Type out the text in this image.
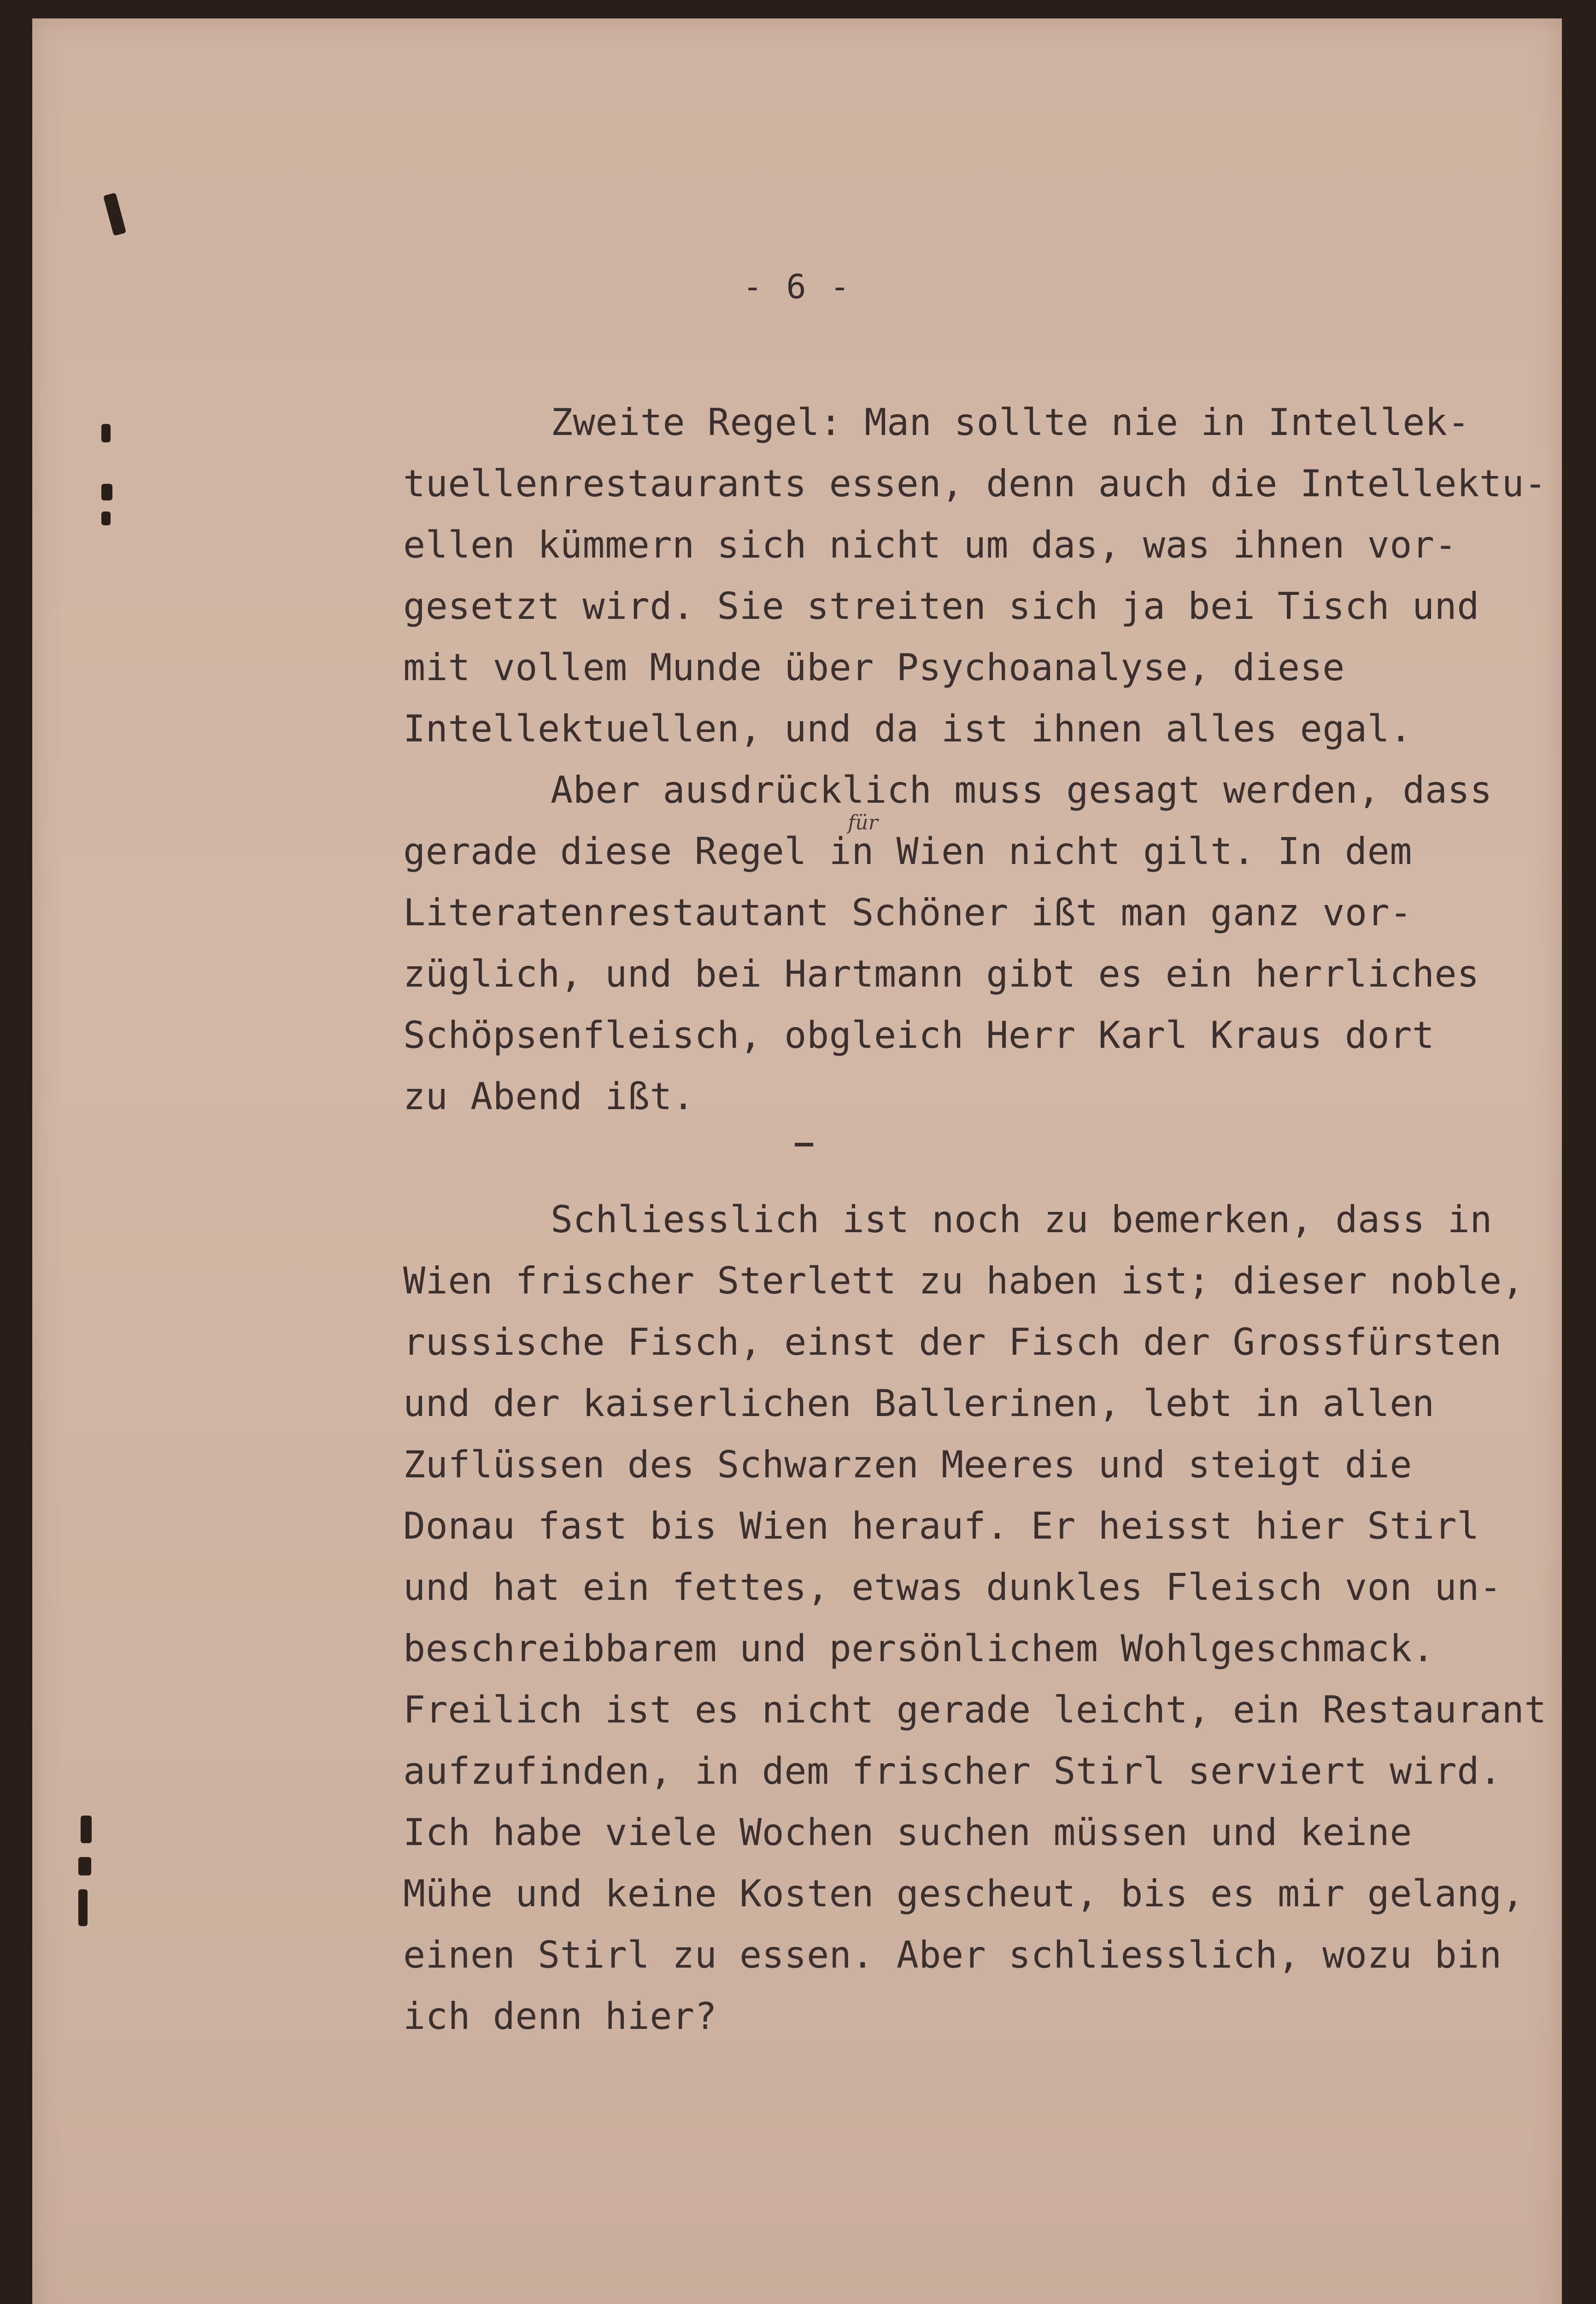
- 6 -
Zweite Regel: Man sollte nie in Intellek-
tuellenrestaurants essen, denn auch die Intellektu-
ellen kümmern sich nicht um das, was ihnen vor-
gesetzt wird. Sie streiten sich ja bei Tisch und
mit vollem Munde über Psychoanalyse, diese
Intellektuellen, und da ist ihnen alles egal.
Aber ausdrücklich muss gesagt werden, dass
gerade diese Regel in Wien nicht gilt. In dem
Literatenrestautant Schöner ißt man ganz vor-
züglich, und bei Hartmann gibt es ein herrliches
Schöpsenfleisch, obgleich Herr Karl Kraus dort
zu Abend ißt.
für
Schliesslich ist noch zu bemerken, dass in
Wien frischer Sterlett zu haben ist; dieser noble,
russische Fisch, einst der Fisch der Grossfürsten
und der kaiserlichen Ballerinen, lebt in allen
Zuflüssen des Schwarzen Meeres und steigt die
Donau fast bis Wien herauf. Er heisst hier Stirl
und hat ein fettes, etwas dunkles Fleisch von un-
beschreibbarem und persönlichem Wohlgeschmack.
Freilich ist es nicht gerade leicht, ein Restaurant
aufzufinden, in dem frischer Stirl serviert wird.
Ich habe viele Wochen suchen müssen und keine
Mühe und keine Kosten gescheut, bis es mir gelang,
einen Stirl zu essen. Aber schliesslich, wozu bin
ich denn hier?
